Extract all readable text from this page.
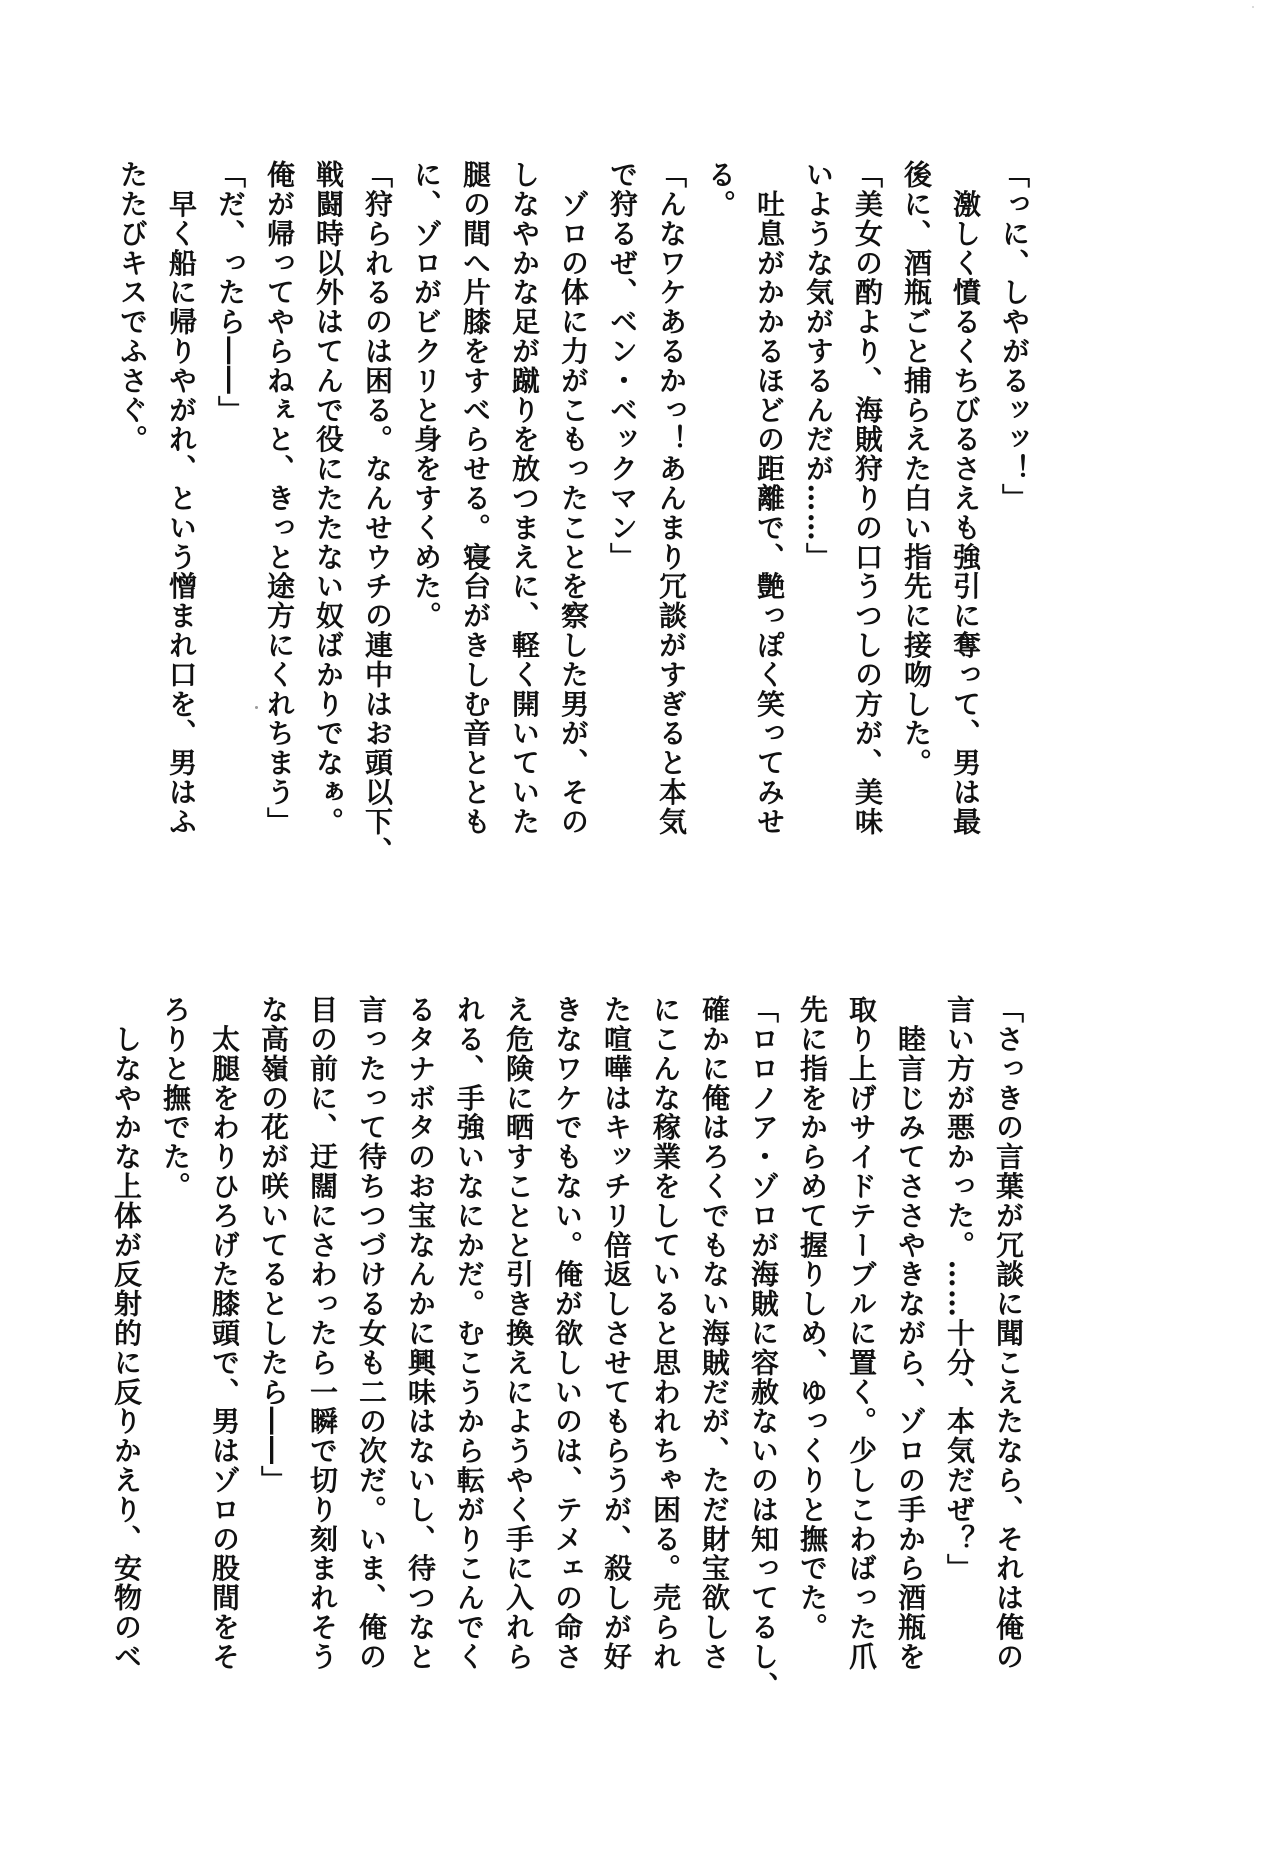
「っに、しやがるッッ！」
　激しく憤るくちびるさえも強引に奪って、男は最
後に、酒瓶ごと捕らえた白い指先に接吻した。
「美女の酌より、海賊狩りの口うつしの方が、美味
いような気がするんだが……」
　吐息がかかるほどの距離で、艶っぽく笑ってみせ
る。
「んなワケあるかっ！あんまり冗談がすぎると本気
で狩るぜ、ベン・ベックマン」
　ゾロの体に力がこもったことを察した男が、その
しなやかな足が蹴りを放つまえに、軽く開いていた
腿の間へ片膝をすべらせる。寝台がきしむ音ととも
に、ゾロがビクリと身をすくめた。
「狩られるのは困る。なんせウチの連中はお頭以下、
戦闘時以外はてんで役にたたない奴ばかりでなぁ。
俺が帰ってやらねぇと、きっと途方にくれちまう」
「だ、ったら――」
　早く船に帰りやがれ、という憎まれ口を、男はふ
たたびキスでふさぐ。
「さっきの言葉が冗談に聞こえたなら、それは俺の
言い方が悪かった。……十分、本気だぜ？」
　睦言じみてささやきながら、ゾロの手から酒瓶を
取り上げサイドテーブルに置く。少しこわばった爪
先に指をからめて握りしめ、ゆっくりと撫でた。
「ロロノア・ゾロが海賊に容赦ないのは知ってるし、
確かに俺はろくでもない海賊だが、ただ財宝欲しさ
にこんな稼業をしていると思われちゃ困る。売られ
た喧嘩はキッチリ倍返しさせてもらうが、殺しが好
きなワケでもない。俺が欲しいのは、テメェの命さ
え危険に晒すことと引き換えにようやく手に入れら
れる、手強いなにかだ。むこうから転がりこんでく
るタナボタのお宝なんかに興味はないし、待つなと
言ったって待ちつづける女も二の次だ。いま、俺の
目の前に、迂闊にさわったら一瞬で切り刻まれそう
な高嶺の花が咲いてるとしたら――」
　太腿をわりひろげた膝頭で、男はゾロの股間をそ
ろりと撫でた。
　しなやかな上体が反射的に反りかえり、安物のベ
